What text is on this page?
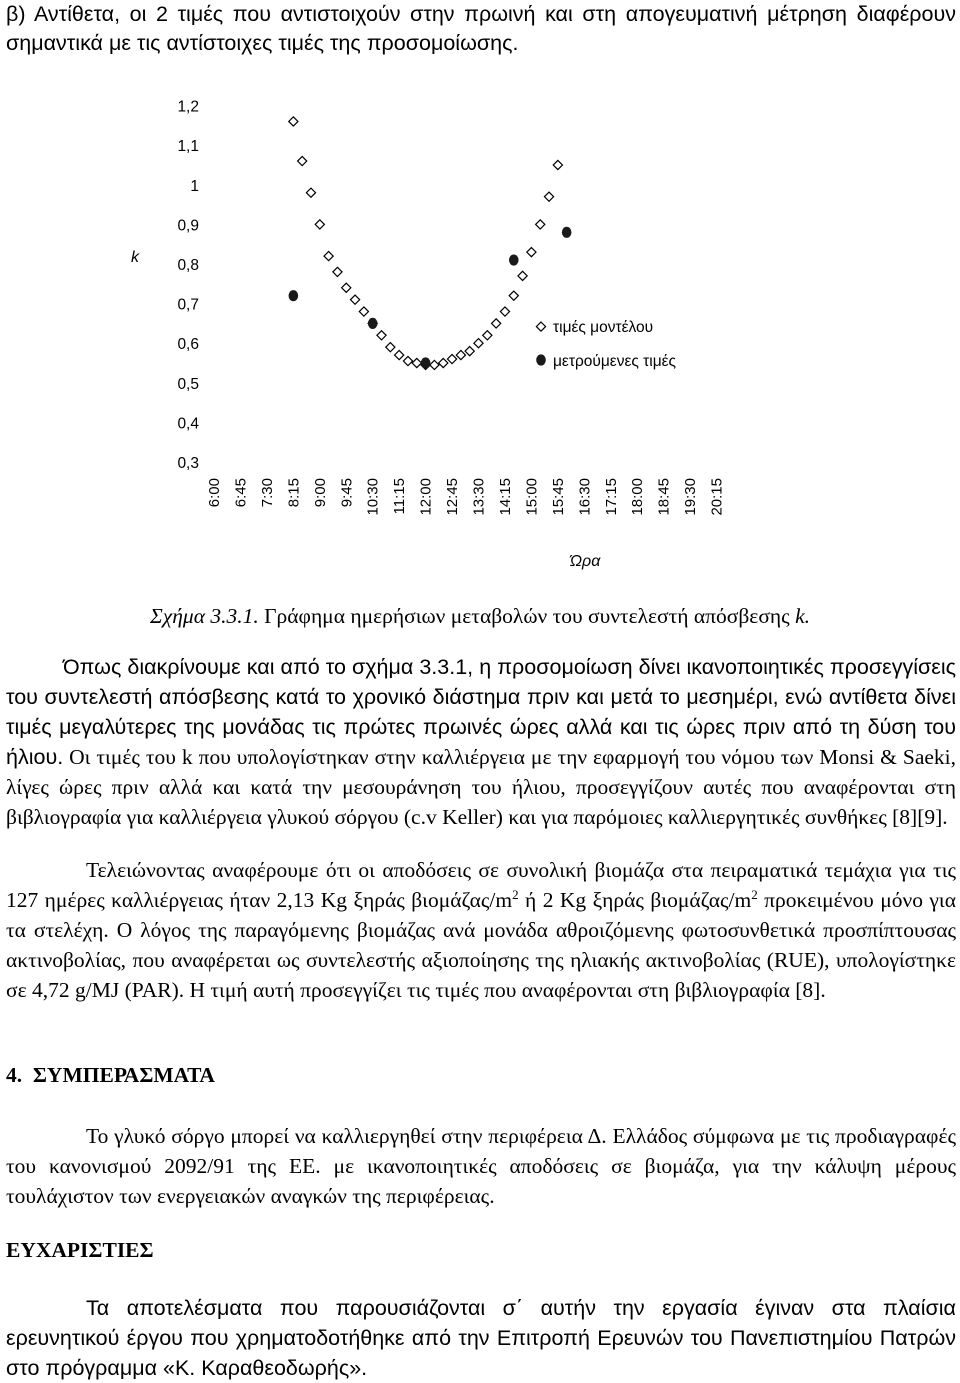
β) Αντίθετα, οι 2 τιμές που αντιστοιχούν στην πρωινή και στη απογευματινή μέτρηση διαφέρουν σημαντικά με τις αντίστοιχες τιμές της προσομοίωσης.

k
1,2
1,1
1
0,9
0,8
0,7
0,6
0,5
0,4
0,3
6:00 6:45 7:30 8:15 9:00 9:45 10:30 11:15 12:00 12:45 13:30 14:15 15:00 15:45 16:30 17:15 18:00 18:45 19:30 20:15
Ώρα
τιμές μοντέλου
μετρούμενες τιμές
Σχήμα 3.3.1. Γράφημα ημερήσιων μεταβολών του συντελεστή απόσβεσης k.

Όπως διακρίνουμε και από το σχήμα 3.3.1, η προσομοίωση δίνει ικανοποιητικές προσεγγίσεις του συντελεστή απόσβεσης κατά το χρονικό διάστημα πριν και μετά το μεσημέρι, ενώ αντίθετα δίνει τιμές μεγαλύτερες της μονάδας τις πρώτες πρωινές ώρες αλλά και τις ώρες πριν από τη δύση του ήλιου. Οι τιμές του k που υπολογίστηκαν στην καλλιέργεια με την εφαρμογή του νόμου των Monsi & Saeki, λίγες ώρες πριν αλλά και κατά την μεσουράνηση του ήλιου, προσεγγίζουν αυτές που αναφέρονται στη βιβλιογραφία για καλλιέργεια γλυκού σόργου (c.v Keller) και για παρόμοιες καλλιεργητικές συνθήκες [8][9].

Τελειώνοντας αναφέρουμε ότι οι αποδόσεις σε συνολική βιομάζα στα πειραματικά τεμάχια για τις 127 ημέρες καλλιέργειας ήταν 2,13 Kg ξηράς βιομάζας/$m^2$ ή 2 Kg ξηράς βιομάζας/$m^2$ προκειμένου μόνο για τα στελέχη. Ο λόγος της παραγόμενης βιομάζας ανά μονάδα αθροιζόμενης φωτοσυνθετικά προσπίπτουσας ακτινοβολίας, που αναφέρεται ως συντελεστής αξιοποίησης της ηλιακής ακτινοβολίας (RUE), υπολογίστηκε σε 4,72 g/MJ (PAR). Η τιμή αυτή προσεγγίζει τις τιμές που αναφέρονται στη βιβλιογραφία [8].

4.  ΣΥΜΠΕΡΑΣΜΑΤΑ

Το γλυκό σόργο μπορεί να καλλιεργηθεί στην περιφέρεια Δ. Ελλάδος σύμφωνα με τις προδιαγραφές του κανονισμού 2092/91 της ΕΕ. με ικανοποιητικές αποδόσεις σε βιομάζα, για την κάλυψη μέρους τουλάχιστον των ενεργειακών αναγκών της περιφέρειας.

ΕΥΧΑΡΙΣΤΙΕΣ

Τα αποτελέσματα που παρουσιάζονται σ΄ αυτήν την εργασία έγιναν στα πλαίσια ερευνητικού έργου που χρηματοδοτήθηκε από την Επιτροπή Ερευνών του Πανεπιστημίου Πατρών στο πρόγραμμα «Κ. Καραθεοδωρής».
